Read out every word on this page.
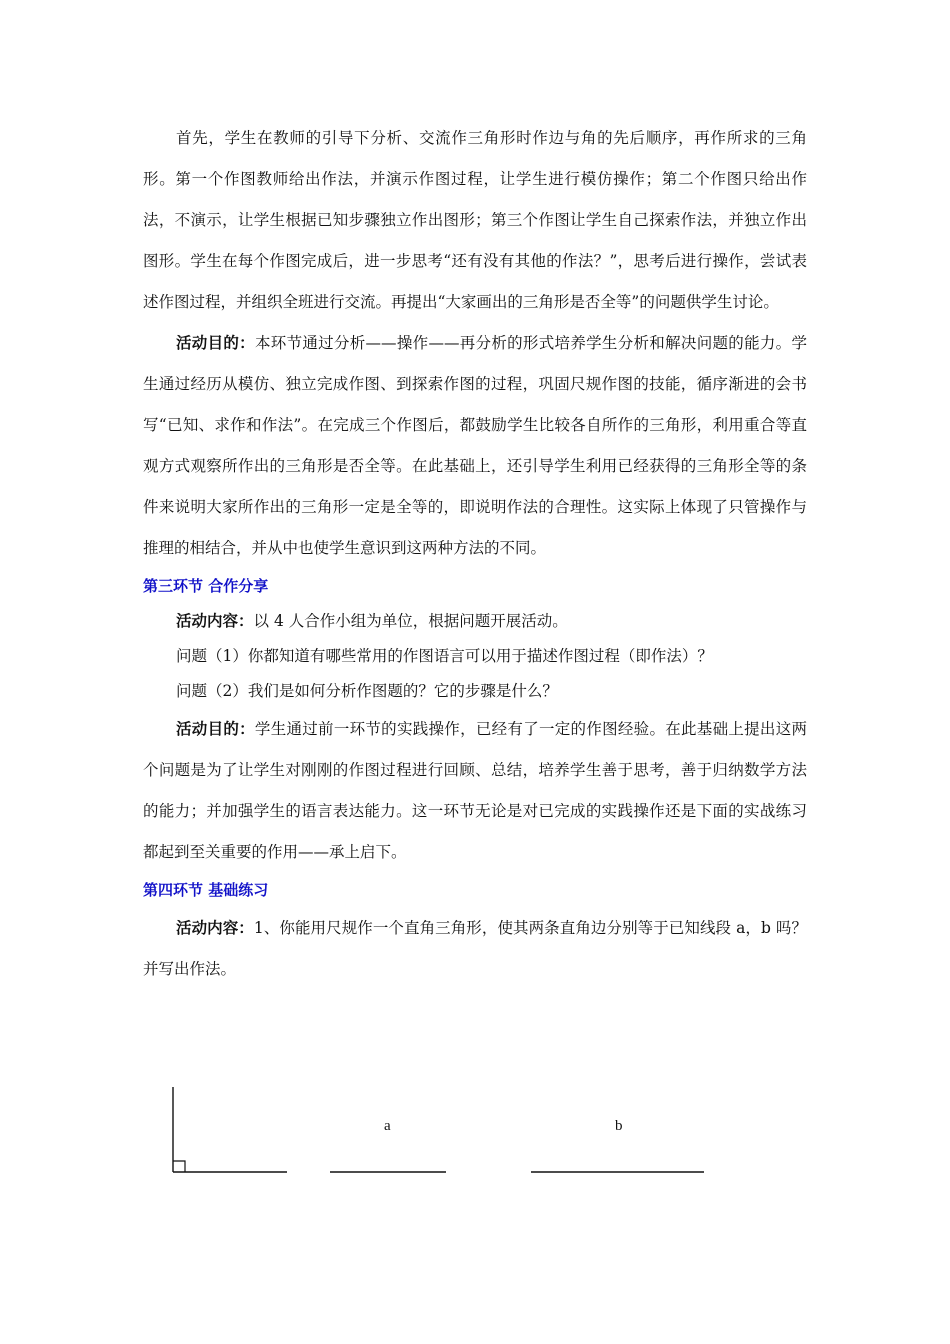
首先，学生在教师的引导下分析、交流作三角形时作边与角的先后顺序，再作所求的三角形。第一个作图教师给出作法，并演示作图过程，让学生进行模仿操作；第二个作图只给出作法，不演示，让学生根据已知步骤独立作出图形；第三个作图让学生自己探索作法，并独立作出图形。学生在每个作图完成后，进一步思考“还有没有其他的作法？”，思考后进行操作，尝试表述作图过程，并组织全班进行交流。再提出“大家画出的三角形是否全等”的问题供学生讨论。

活动目的：本环节通过分析——操作——再分析的形式培养学生分析和解决问题的能力。学生通过经历从模仿、独立完成作图、到探索作图的过程，巩固尺规作图的技能，循序渐进的会书写“已知、求作和作法”。在完成三个作图后，都鼓励学生比较各自所作的三角形，利用重合等直观方式观察所作出的三角形是否全等。在此基础上，还引导学生利用已经获得的三角形全等的条件来说明大家所作出的三角形一定是全等的，即说明作法的合理性。这实际上体现了只管操作与推理的相结合，并从中也使学生意识到这两种方法的不同。

第三环节 合作分享

活动内容：以 4 人合作小组为单位，根据问题开展活动。

问题（1）你都知道有哪些常用的作图语言可以用于描述作图过程（即作法）？

问题（2）我们是如何分析作图题的？它的步骤是什么？

活动目的：学生通过前一环节的实践操作，已经有了一定的作图经验。在此基础上提出这两个问题是为了让学生对刚刚的作图过程进行回顾、总结，培养学生善于思考，善于归纳数学方法的能力；并加强学生的语言表达能力。这一环节无论是对已完成的实践操作还是下面的实战练习都起到至关重要的作用——承上启下。

第四环节 基础练习

活动内容：1、你能用尺规作一个直角三角形，使其两条直角边分别等于已知线段 a，b 吗？并写出作法。

a	b
